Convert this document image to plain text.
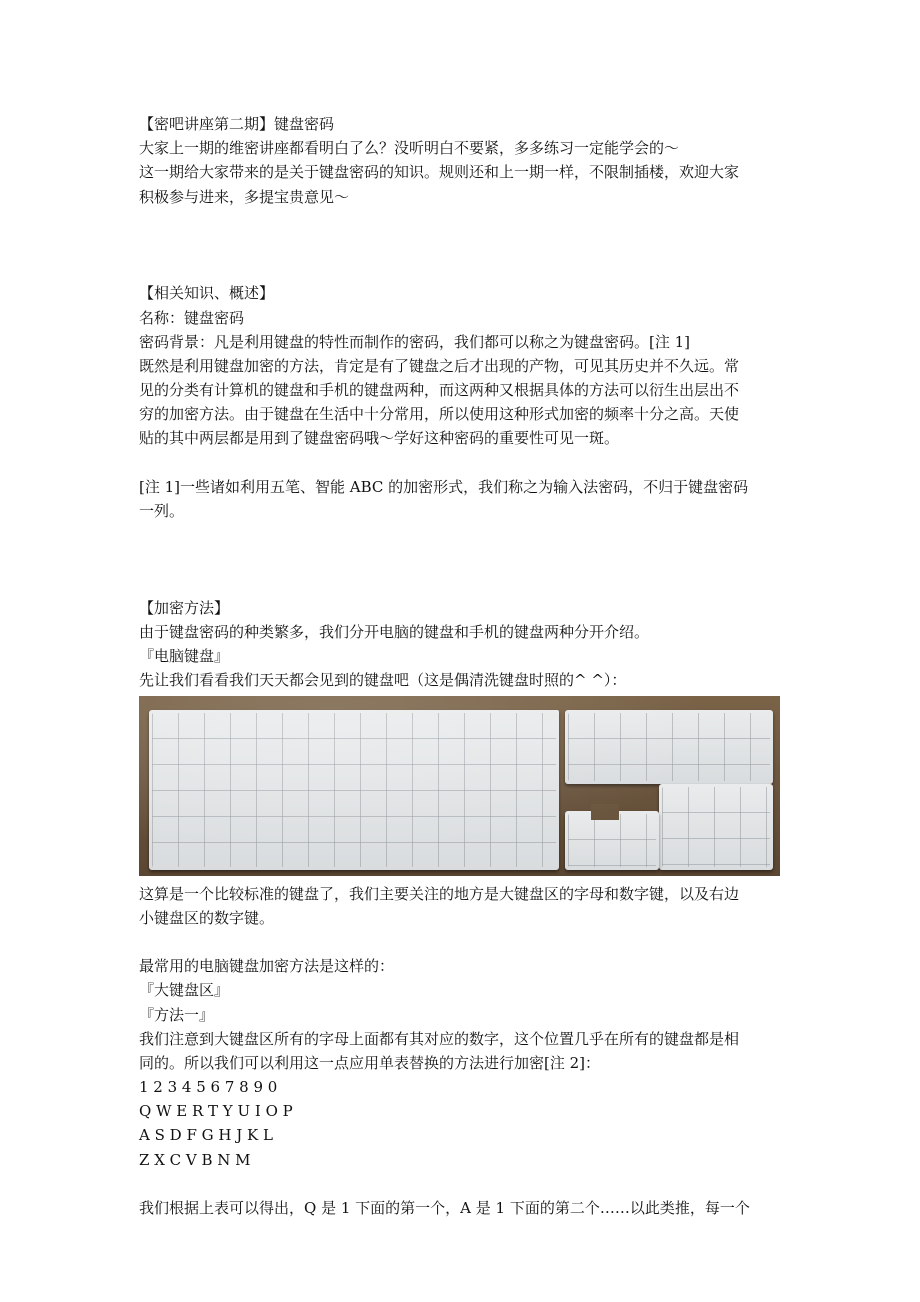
【密吧讲座第二期】键盘密码
大家上一期的维密讲座都看明白了么？没听明白不要紧，多多练习一定能学会的～
这一期给大家带来的是关于键盘密码的知识。规则还和上一期一样，不限制插楼，欢迎大家
积极参与进来，多提宝贵意见～
【相关知识、概述】
名称：键盘密码
密码背景：凡是利用键盘的特性而制作的密码，我们都可以称之为键盘密码。[注 1]
既然是利用键盘加密的方法，肯定是有了键盘之后才出现的产物，可见其历史并不久远。常
见的分类有计算机的键盘和手机的键盘两种，而这两种又根据具体的方法可以衍生出层出不
穷的加密方法。由于键盘在生活中十分常用，所以使用这种形式加密的频率十分之高。天使
贴的其中两层都是用到了键盘密码哦～学好这种密码的重要性可见一斑。
[注 1]一些诸如利用五笔、智能 ABC 的加密形式，我们称之为输入法密码，不归于键盘密码
一列。
【加密方法】
由于键盘密码的种类繁多，我们分开电脑的键盘和手机的键盘两种分开介绍。
『电脑键盘』
先让我们看看我们天天都会见到的键盘吧（这是偶清洗键盘时照的^ ^）：
这算是一个比较标准的键盘了，我们主要关注的地方是大键盘区的字母和数字键，以及右边
小键盘区的数字键。
最常用的电脑键盘加密方法是这样的：
『大键盘区』
『方法一』
我们注意到大键盘区所有的字母上面都有其对应的数字，这个位置几乎在所有的键盘都是相
同的。所以我们可以利用这一点应用单表替换的方法进行加密[注 2]：
1 2 3 4 5 6 7 8 9 0
Q W E R T Y U I O P
A S D F G H J K L
Z X C V B N M
我们根据上表可以得出，Q 是 1 下面的第一个，A 是 1 下面的第二个……以此类推，每一个
